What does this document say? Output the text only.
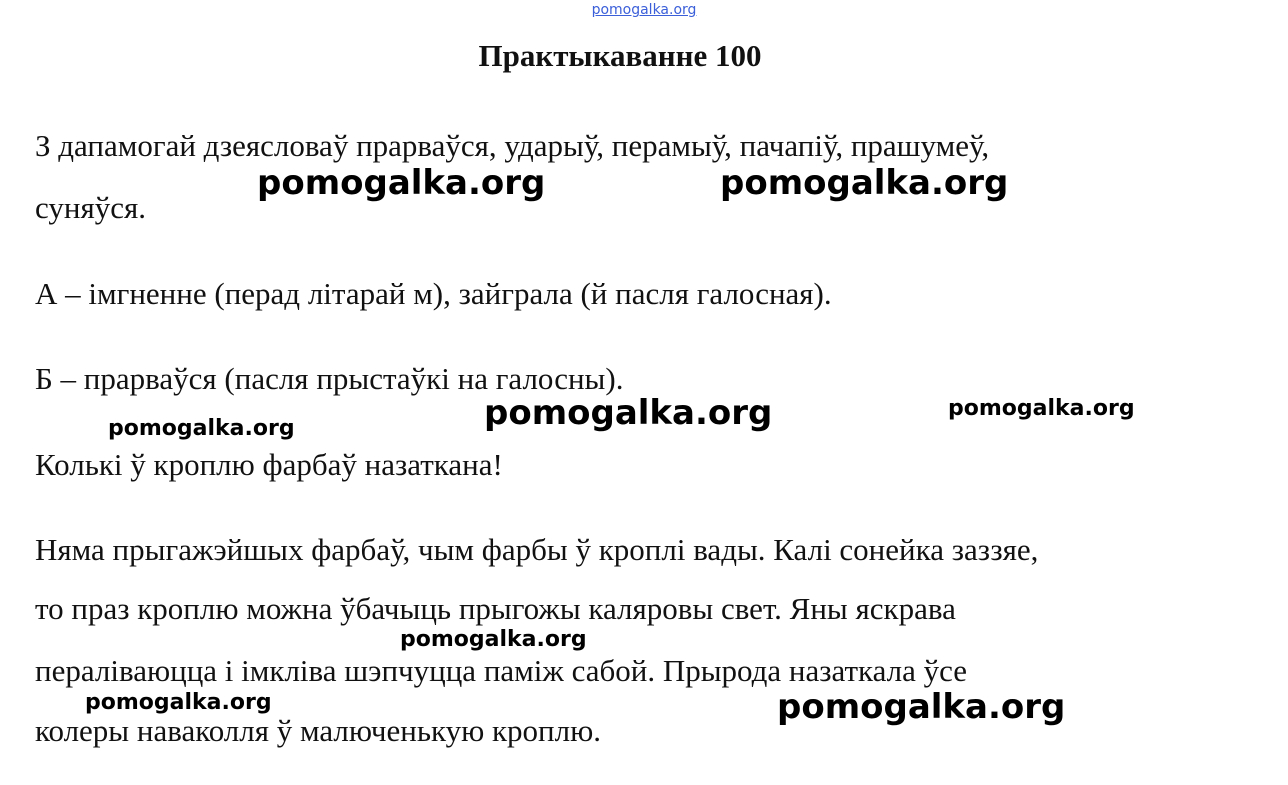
pomogalka.org
Практыкаванне 100

З дапамогай дзеясловаў прарваўся, ударыў, перамыў, пачапіў, прашумеў,

суняўся.

А – імгненне (перад літарай м), зайграла (й пасля галосная).

Б – прарваўся (пасля прыстаўкі на галосны).

Колькі ў кроплю фарбаў назаткана!

Няма прыгажэйшых фарбаў, чым фарбы ў кроплі вады. Калі сонейка заззяе,

то праз кроплю можна ўбачыць прыгожы каляровы свет. Яны яскрава

пераліваюцца і імкліва шэпчуцца паміж сабой. Прырода назаткала ўсе

колеры наваколля ў малюченькую кроплю.

pomogalka.org	pomogalka.org
pomogalka.org	pomogalka.org
pomogalka.org
pomogalka.org
pomogalka.org	pomogalka.org
